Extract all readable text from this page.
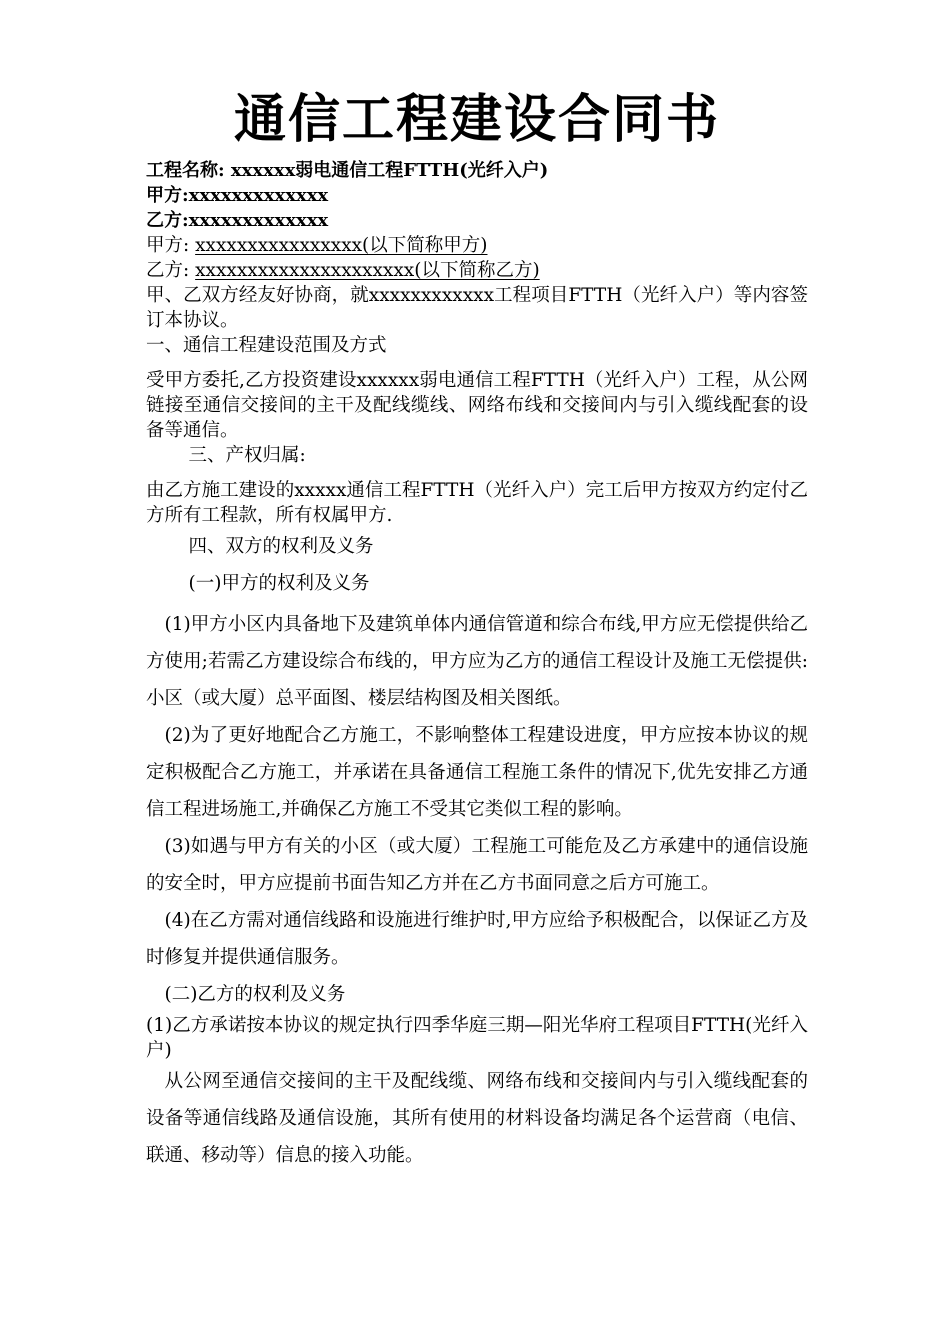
通信工程建设合同书

工程名称: xxxxxx弱电通信工程FTTH(光纤入户)

甲方:xxxxxxxxxxxxx

乙方:xxxxxxxxxxxxx

甲方: xxxxxxxxxxxxxxxx(以下简称甲方)

乙方: xxxxxxxxxxxxxxxxxxxxx(以下简称乙方)

甲、乙双方经友好协商，就xxxxxxxxxxxx工程项目FTTH（光纤入户）等内容签订本协议。

一、通信工程建设范围及方式

受甲方委托,乙方投资建设xxxxxx弱电通信工程FTTH（光纤入户）工程，从公网链接至通信交接间的主干及配线缆线、网络布线和交接间内与引入缆线配套的设备等通信。

三、产权归属:

由乙方施工建设的xxxxx通信工程FTTH（光纤入户）完工后甲方按双方约定付乙方所有工程款，所有权属甲方.

四、双方的权利及义务

(一)甲方的权利及义务

(1)甲方小区内具备地下及建筑单体内通信管道和综合布线,甲方应无偿提供给乙方使用;若需乙方建设综合布线的，甲方应为乙方的通信工程设计及施工无偿提供: 小区（或大厦）总平面图、楼层结构图及相关图纸。

(2)为了更好地配合乙方施工，不影响整体工程建设进度，甲方应按本协议的规定积极配合乙方施工，并承诺在具备通信工程施工条件的情况下,优先安排乙方通信工程进场施工,并确保乙方施工不受其它类似工程的影响。

(3)如遇与甲方有关的小区（或大厦）工程施工可能危及乙方承建中的通信设施的安全时，甲方应提前书面告知乙方并在乙方书面同意之后方可施工。

(4)在乙方需对通信线路和设施进行维护时,甲方应给予积极配合，以保证乙方及时修复并提供通信服务。

(二)乙方的权利及义务

(1)乙方承诺按本协议的规定执行四季华庭三期—阳光华府工程项目FTTH(光纤入户)

从公网至通信交接间的主干及配线缆、网络布线和交接间内与引入缆线配套的设备等通信线路及通信设施，其所有使用的材料设备均满足各个运营商（电信、联通、移动等）信息的接入功能。
